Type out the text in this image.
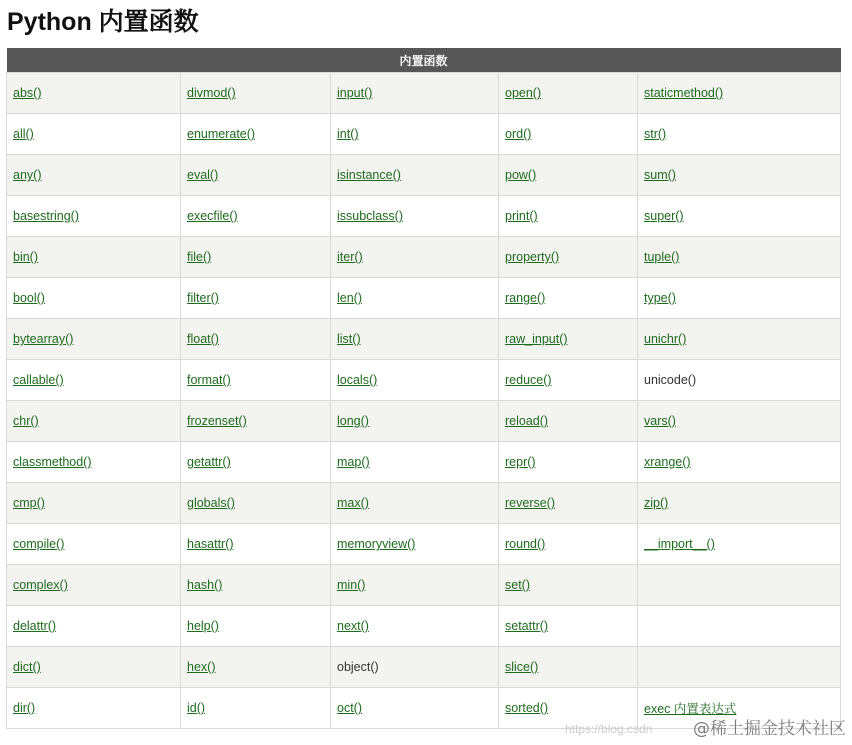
Python 内置函数
内置函数				
abs()	divmod()	input()	open()	staticmethod()
all()	enumerate()	int()	ord()	str()
any()	eval()	isinstance()	pow()	sum()
basestring()	execfile()	issubclass()	print()	super()
bin()	file()	iter()	property()	tuple()
bool()	filter()	len()	range()	type()
bytearray()	float()	list()	raw_input()	unichr()
callable()	format()	locals()	reduce()	unicode()
chr()	frozenset()	long()	reload()	vars()
classmethod()	getattr()	map()	repr()	xrange()
cmp()	globals()	max()	reverse()	zip()
compile()	hasattr()	memoryview()	round()	__import__()
complex()	hash()	min()	set()	
delattr()	help()	next()	setattr()	
dict()	hex()	object()	slice()	
dir()	id()	oct()	sorted()	exec 内置表达式
https://blog.csdn @稀土掘金技术社区
